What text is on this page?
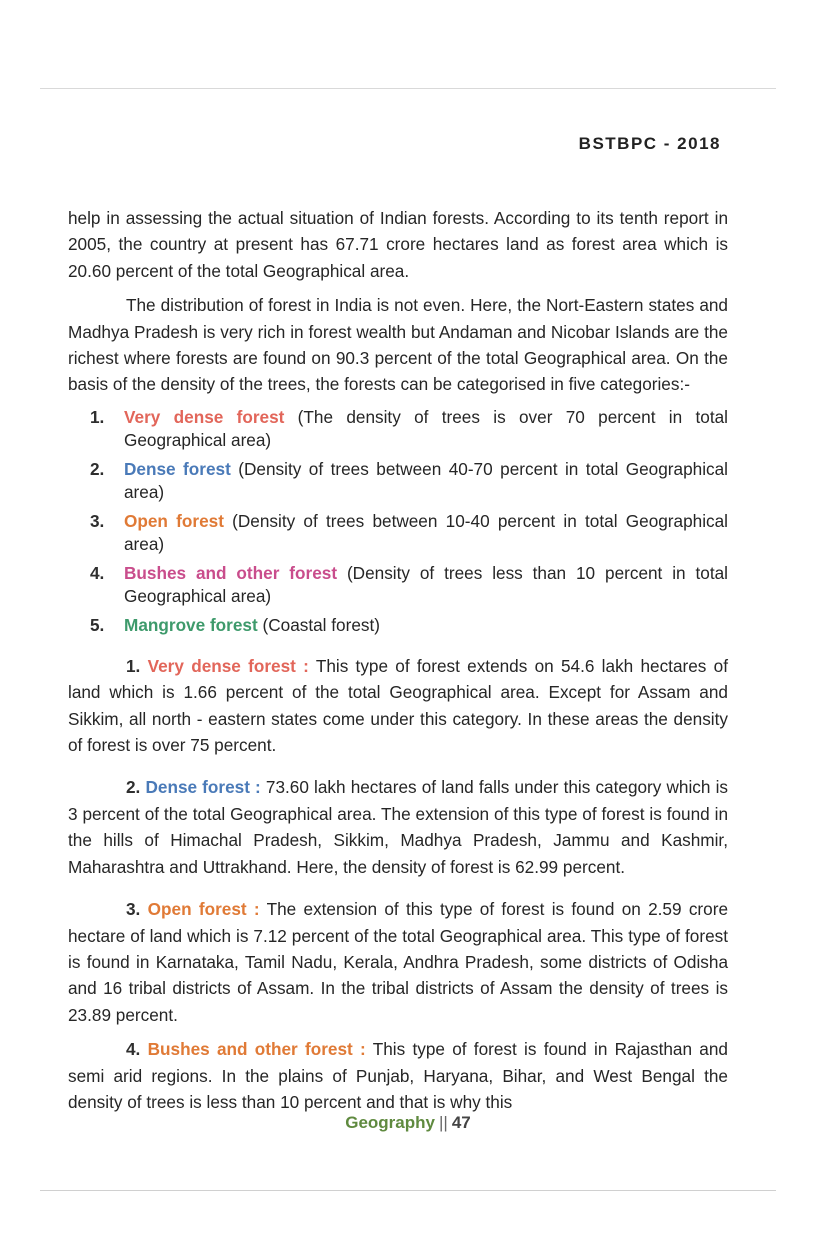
BSTBPC - 2018

help in assessing the actual situation of Indian forests. According to its tenth report in 2005, the country at present has 67.71 crore hectares land as forest area which is 20.60 percent of the total Geographical area.

The distribution of forest in India is not even. Here, the Nort-Eastern states and Madhya Pradesh is very rich in forest wealth but Andaman and Nicobar Islands are the richest where forests are found on 90.3 percent of the total Geographical area. On the basis of the density of the trees, the forests can be categorised in five categories:-

1. Very dense forest (The density of trees is over 70 percent in total Geographical area)
2. Dense forest (Density of trees between 40-70 percent in total Geographical area)
3. Open forest (Density of trees between 10-40 percent in total Geographical area)
4. Bushes and other forest (Density of trees less than 10 percent in total Geographical area)
5. Mangrove forest (Coastal forest)

1. Very dense forest : This type of forest extends on 54.6 lakh hectares of land which is 1.66 percent of the total Geographical area. Except for Assam and Sikkim, all north - eastern states come under this category. In these areas the density of forest is over 75 percent.

2. Dense forest : 73.60 lakh hectares of land falls under this category which is 3 percent of the total Geographical area. The extension of this type of forest is found in the hills of Himachal Pradesh, Sikkim, Madhya Pradesh, Jammu and Kashmir, Maharashtra and Uttrakhand. Here, the density of forest is 62.99 percent.

3. Open forest : The extension of this type of forest is found on 2.59 crore hectare of land which is 7.12 percent of the total Geographical area. This type of forest is found in Karnataka, Tamil Nadu, Kerala, Andhra Pradesh, some districts of Odisha and 16 tribal districts of Assam. In the tribal districts of Assam the density of trees is 23.89 percent.

4. Bushes and other forest : This type of forest is found in Rajasthan and semi arid regions. In the plains of Punjab, Haryana, Bihar, and West Bengal the density of trees is less than 10 percent and that is why this

Geography || 47
